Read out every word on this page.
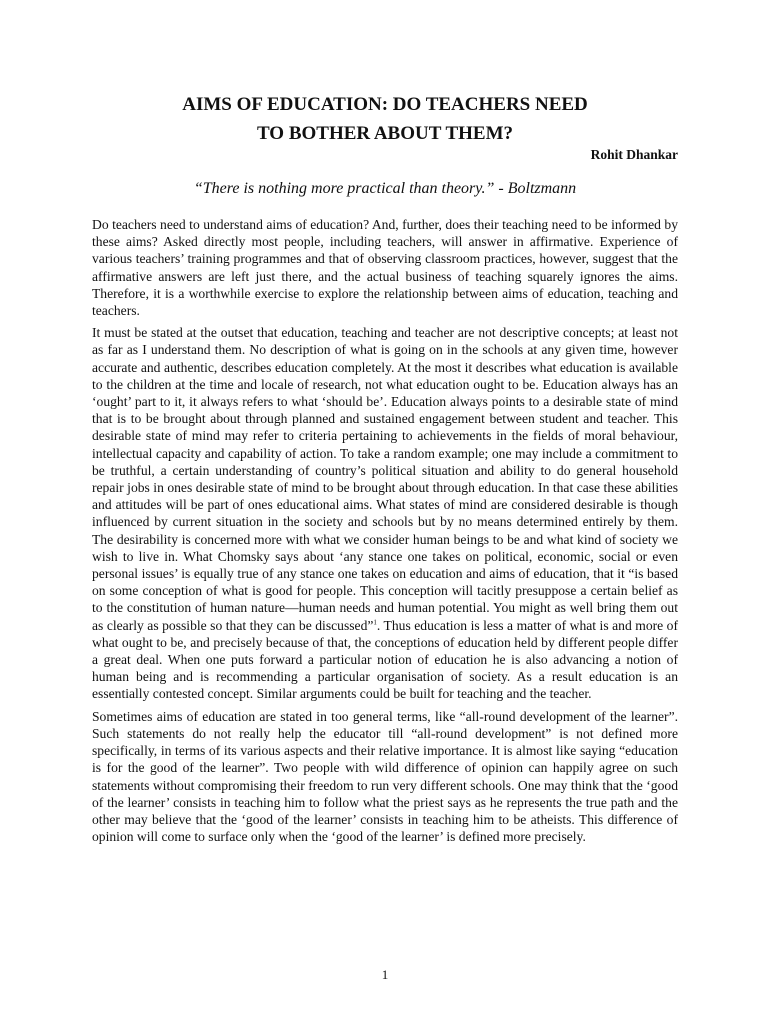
AIMS OF EDUCATION: DO TEACHERS NEED
TO BOTHER ABOUT THEM?
Rohit Dhankar
“There is nothing more practical than theory.” - Boltzmann

Do teachers need to understand aims of education? And, further, does their teaching need to be informed by these aims? Asked directly most people, including teachers, will answer in affirmative. Experience of various teachers’ training programmes and that of observing classroom practices, however, suggest that the affirmative answers are left just there, and the actual business of teaching squarely ignores the aims. Therefore, it is a worthwhile exercise to explore the relationship between aims of education, teaching and teachers.

It must be stated at the outset that education, teaching and teacher are not descriptive concepts; at least not as far as I understand them. No description of what is going on in the schools at any given time, however accurate and authentic, describes education completely. At the most it describes what education is available to the children at the time and locale of research, not what education ought to be. Education always has an ‘ought’ part to it, it always refers to what ‘should be’. Education always points to a desirable state of mind that is to be brought about through planned and sustained engagement between student and teacher. This desirable state of mind may refer to criteria pertaining to achievements in the fields of moral behaviour, intellectual capacity and capability of action. To take a random example; one may include a commitment to be truthful, a certain understanding of country’s political situation and ability to do general household repair jobs in ones desirable state of mind to be brought about through education. In that case these abilities and attitudes will be part of ones educational aims. What states of mind are considered desirable is though influenced by current situation in the society and schools but by no means determined entirely by them. The desirability is concerned more with what we consider human beings to be and what kind of society we wish to live in. What Chomsky says about ‘any stance one takes on political, economic, social or even personal issues’ is equally true of any stance one takes on education and aims of education, that it “is based on some conception of what is good for people. This conception will tacitly presuppose a certain belief as to the constitution of human nature—human needs and human potential. You might as well bring them out as clearly as possible so that they can be discussed”$^1$. Thus education is less a matter of what is and more of what ought to be, and precisely because of that, the conceptions of education held by different people differ a great deal. When one puts forward a particular notion of education he is also advancing a notion of human being and is recommending a particular organisation of society. As a result education is an essentially contested concept. Similar arguments could be built for teaching and the teacher.

Sometimes aims of education are stated in too general terms, like “all-round development of the learner”. Such statements do not really help the educator till “all-round development” is not defined more specifically, in terms of its various aspects and their relative importance. It is almost like saying “education is for the good of the learner”. Two people with wild difference of opinion can happily agree on such statements without compromising their freedom to run very different schools. One may think that the ‘good of the learner’ consists in teaching him to follow what the priest says as he represents the true path and the other may believe that the ‘good of the learner’ consists in teaching him to be atheists. This difference of opinion will come to surface only when the ‘good of the learner’ is defined more precisely.

1
